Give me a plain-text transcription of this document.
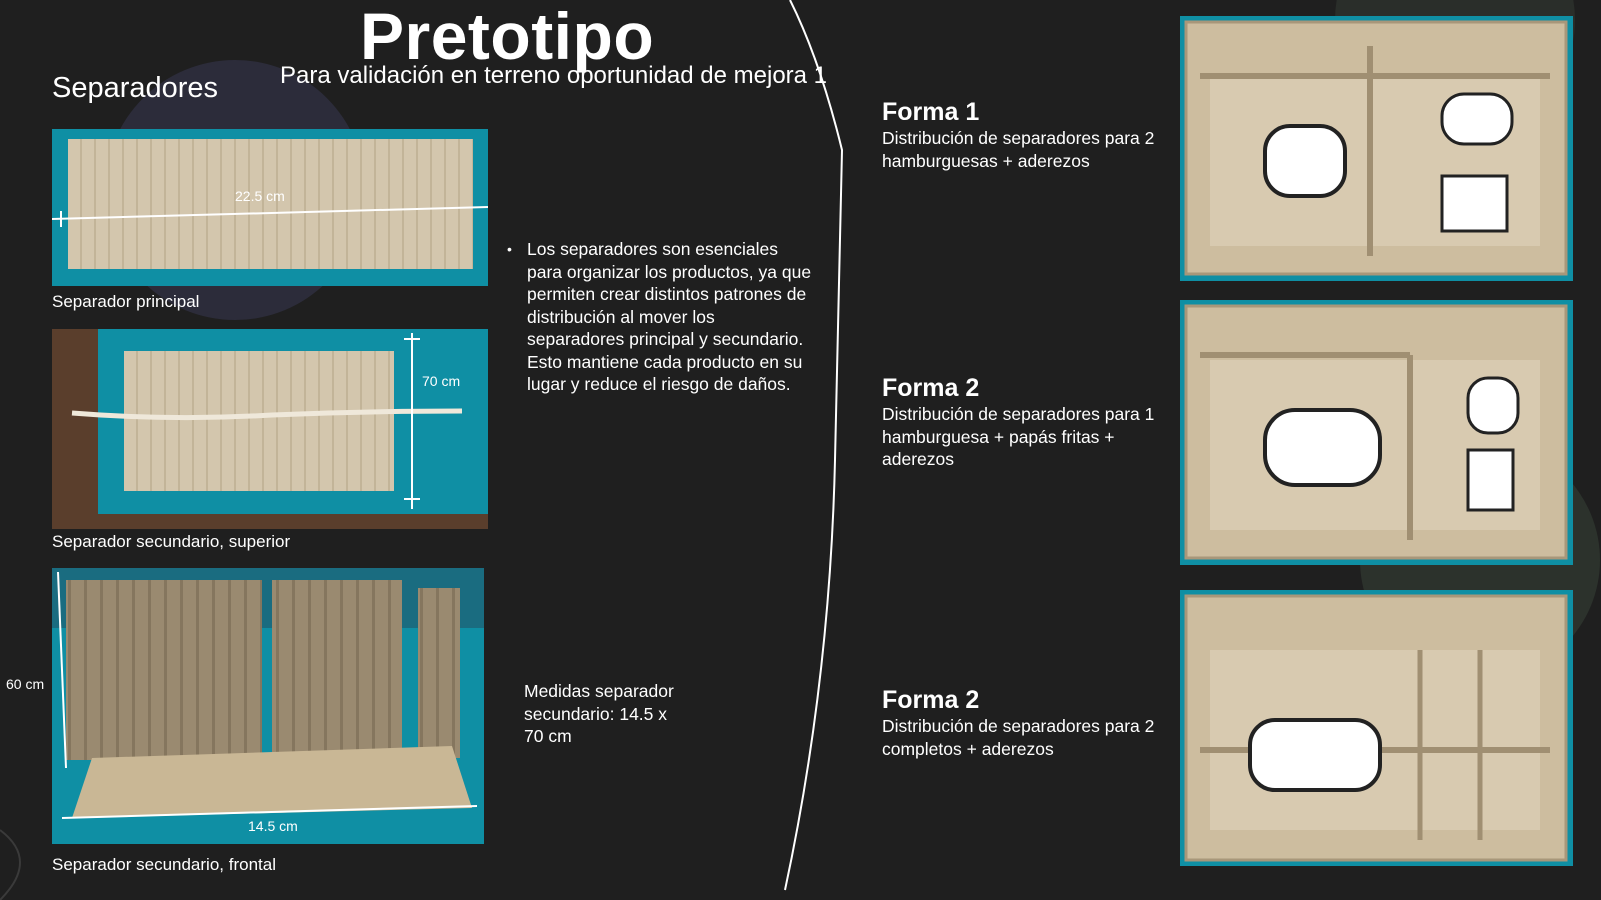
Pretotipo
Para validación en terreno oportunidad de mejora 1
Separadores
22.5 cm
Separador principal
70 cm
Separador secundario, superior
14.5 cm
60 cm
Separador secundario, frontal
• Los separadores son esenciales para organizar los productos, ya que permiten crear distintos patrones de distribución al mover los separadores principal y secundario. Esto mantiene cada producto en su lugar y reduce el riesgo de daños.
Medidas separador secundario: 14.5 x 70 cm
Forma 1
Distribución de separadores para 2 hamburguesas + aderezos
Forma 2
Distribución de separadores para 1 hamburguesa + papás fritas + aderezos
Forma 2
Distribución de separadores para 2 completos + aderezos
